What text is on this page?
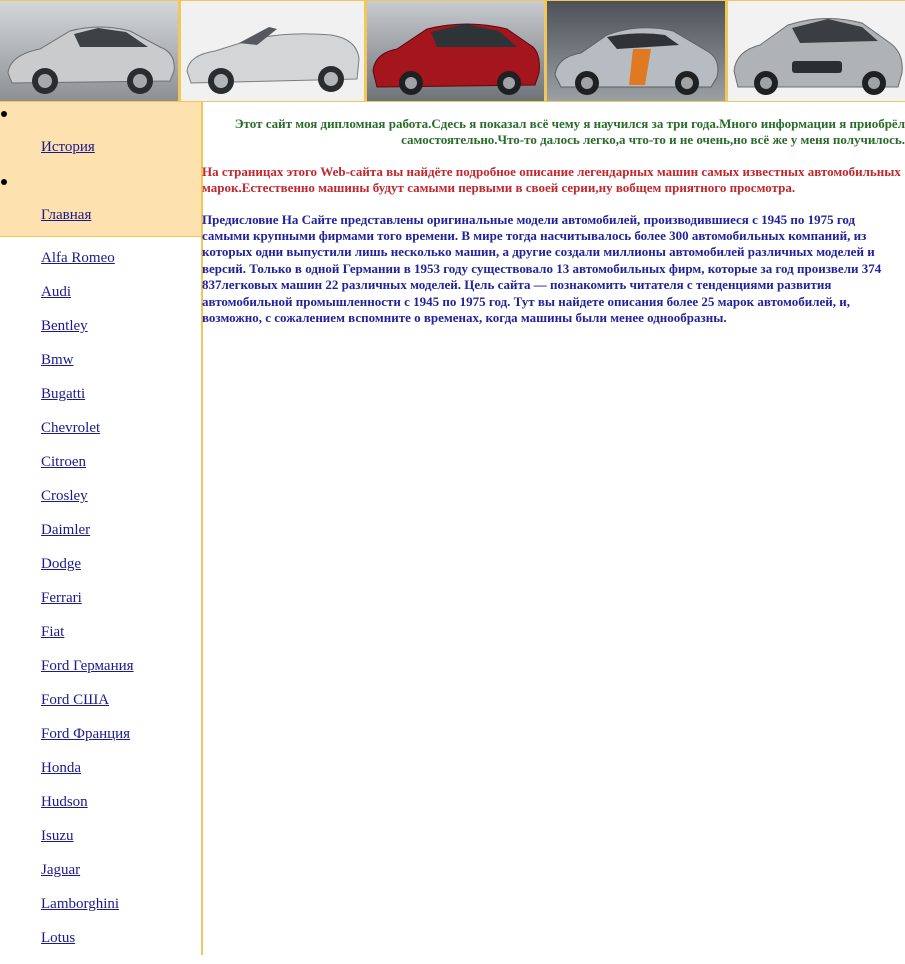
История
Главная
Alfa Romeo
Audi
Bentley
Bmw
Bugatti
Chevrolet
Citroen
Crosley
Daimler
Dodge
Ferrari
Fiat
Ford Германия
Ford США
Ford Франция
Honda
Hudson
Isuzu
Jaguar
Lamborghini
Lotus

Этот сайт моя дипломная работа.Сдесь я показал всё чему я научился за три года.Много информации я приобрёл самостоятельно.Что-то далось легко,а что-то и не очень,но всё же у меня получилось.

На страницах этого Web-сайта вы найдёте подробное описание легендарных машин самых известных автомобильных марок.Естественно машины будут самыми первыми в своей серии,ну вобщем приятного просмотра.

Предисловие На Сайте представлены оригинальные модели автомобилей, производившиеся с 1945 по 1975 год самыми крупными фирмами того времени. В мире тогда насчитывалось более 300 автомобильных компаний, из которых одни выпустили лишь несколько машин, а другие создали миллионы автомобилей различных моделей и версий. Только в одной Германии в 1953 году существовало 13 автомобильных фирм, которые за год произвели 374 837легковых машин 22 различных моделей. Цель сайта — познакомить читателя с тенденциями развития автомобильной промышленности с 1945 по 1975 год. Тут вы найдете описания более 25 марок автомобилей, и, возможно, с сожалением вспомните о временах, когда машины были менее однообразны.
